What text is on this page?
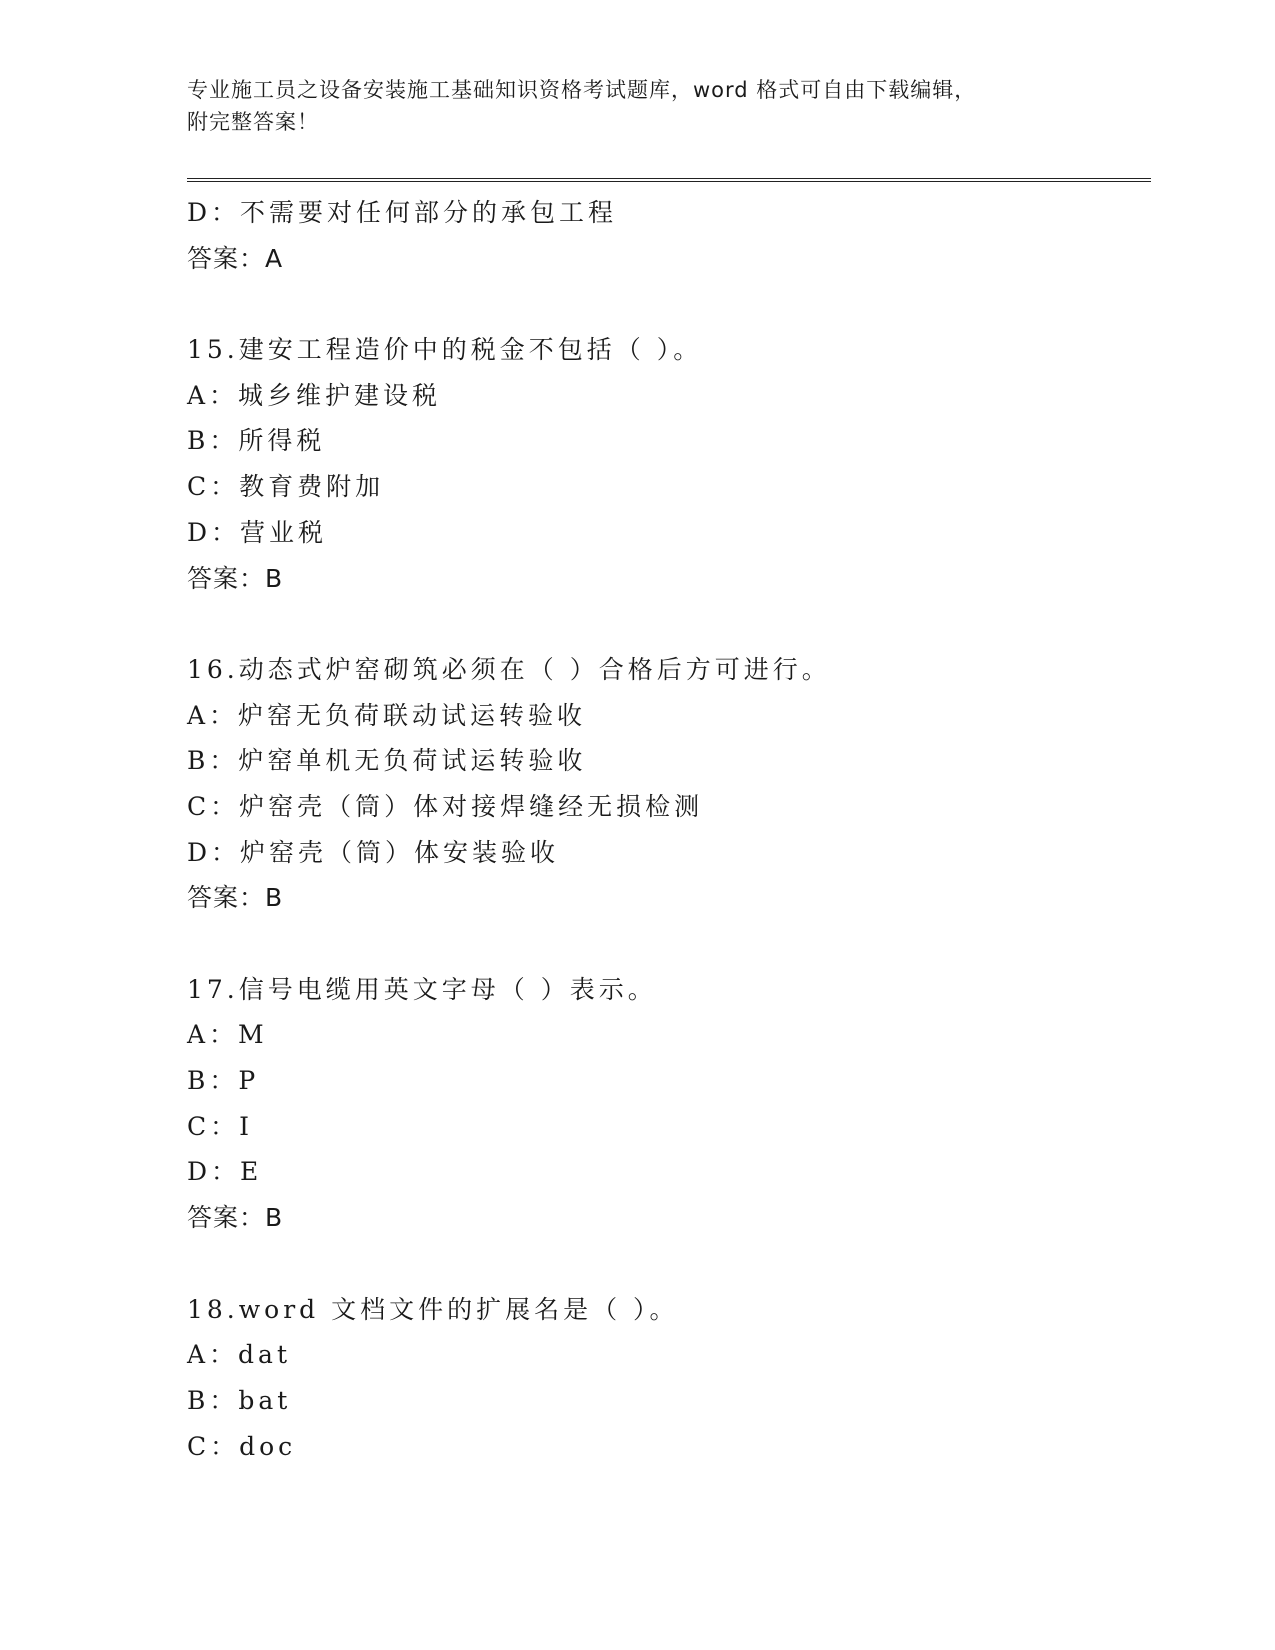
专业施工员之设备安装施工基础知识资格考试题库，word 格式可自由下载编辑，
附完整答案！
D：不需要对任何部分的承包工程
答案：A
15.建安工程造价中的税金不包括（ ）。
A：城乡维护建设税
B：所得税
C：教育费附加
D：营业税
答案：B
16.动态式炉窑砌筑必须在（ ）合格后方可进行。
A：炉窑无负荷联动试运转验收
B：炉窑单机无负荷试运转验收
C：炉窑壳（筒）体对接焊缝经无损检测
D：炉窑壳（筒）体安装验收
答案：B
17.信号电缆用英文字母（ ）表示。
A：M
B：P
C：I
D：E
答案：B
18.word 文档文件的扩展名是（ ）。
A：dat
B：bat
C：doc
